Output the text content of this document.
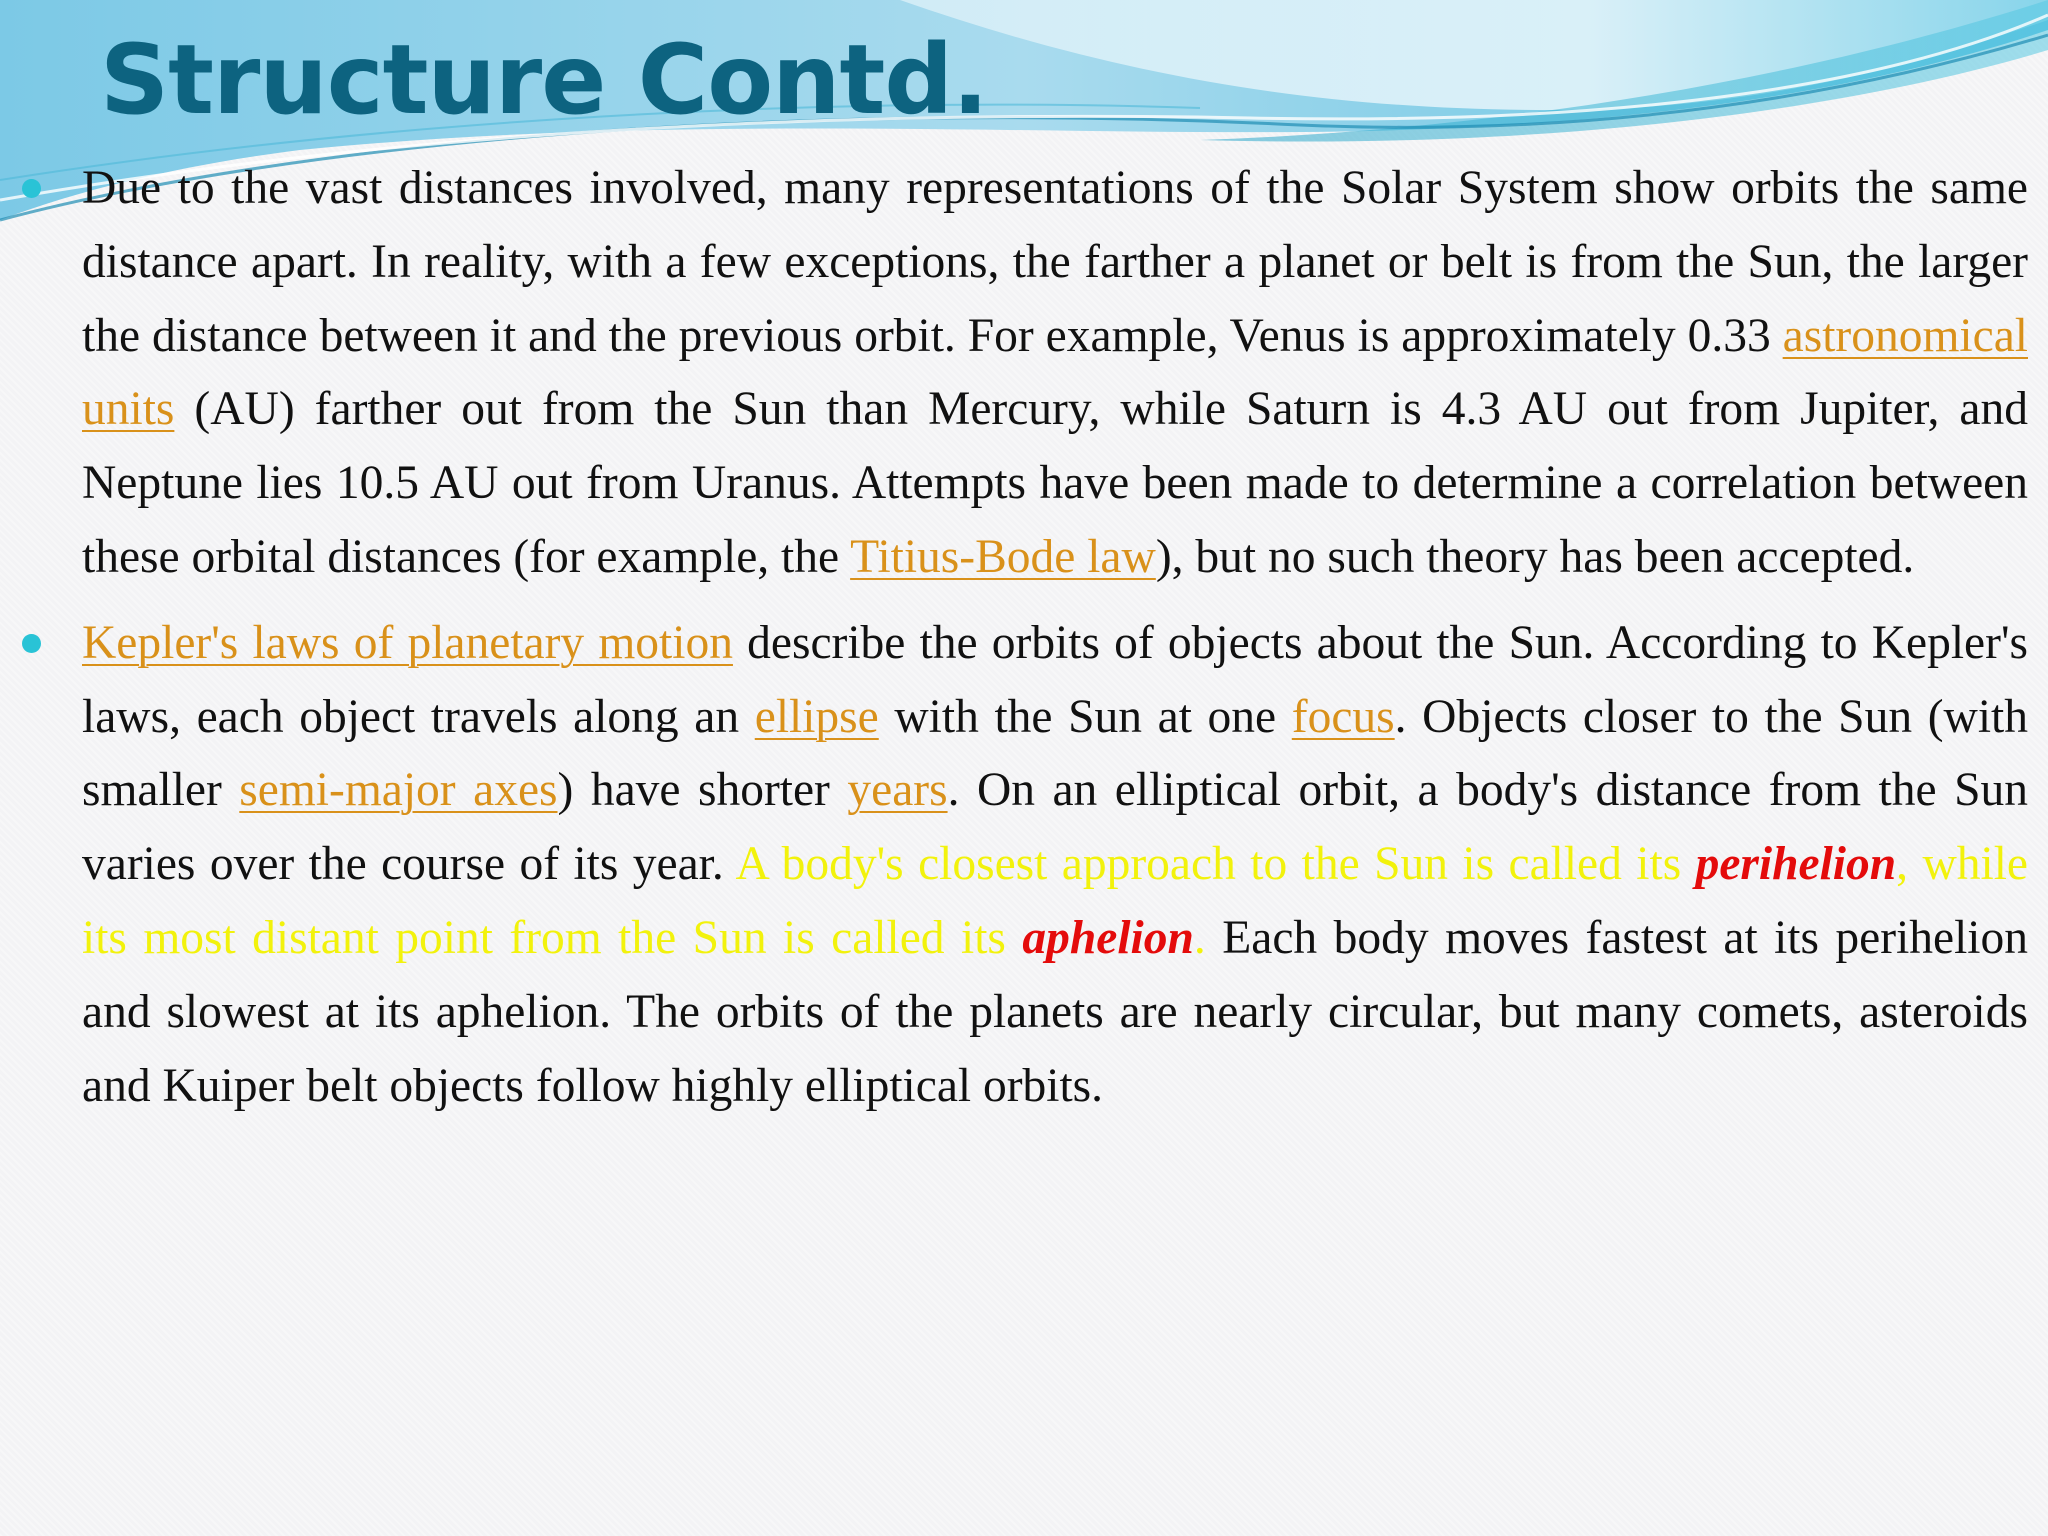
Structure Contd.
Due to the vast distances involved, many representations of the Solar System show orbits the same distance apart. In reality, with a few exceptions, the farther a planet or belt is from the Sun, the larger the distance between it and the previous orbit. For example, Venus is approximately 0.33 astronomical units (AU) farther out from the Sun than Mercury, while Saturn is 4.3 AU out from Jupiter, and Neptune lies 10.5 AU out from Uranus. Attempts have been made to determine a correlation between these orbital distances (for example, the Titius-Bode law), but no such theory has been accepted.
Kepler's laws of planetary motion describe the orbits of objects about the Sun. According to Kepler's laws, each object travels along an ellipse with the Sun at one focus. Objects closer to the Sun (with smaller semi-major axes) have shorter years. On an elliptical orbit, a body's distance from the Sun varies over the course of its year. A body's closest approach to the Sun is called its perihelion, while its most distant point from the Sun is called its aphelion. Each body moves fastest at its perihelion and slowest at its aphelion. The orbits of the planets are nearly circular, but many comets, asteroids and Kuiper belt objects follow highly elliptical orbits.
